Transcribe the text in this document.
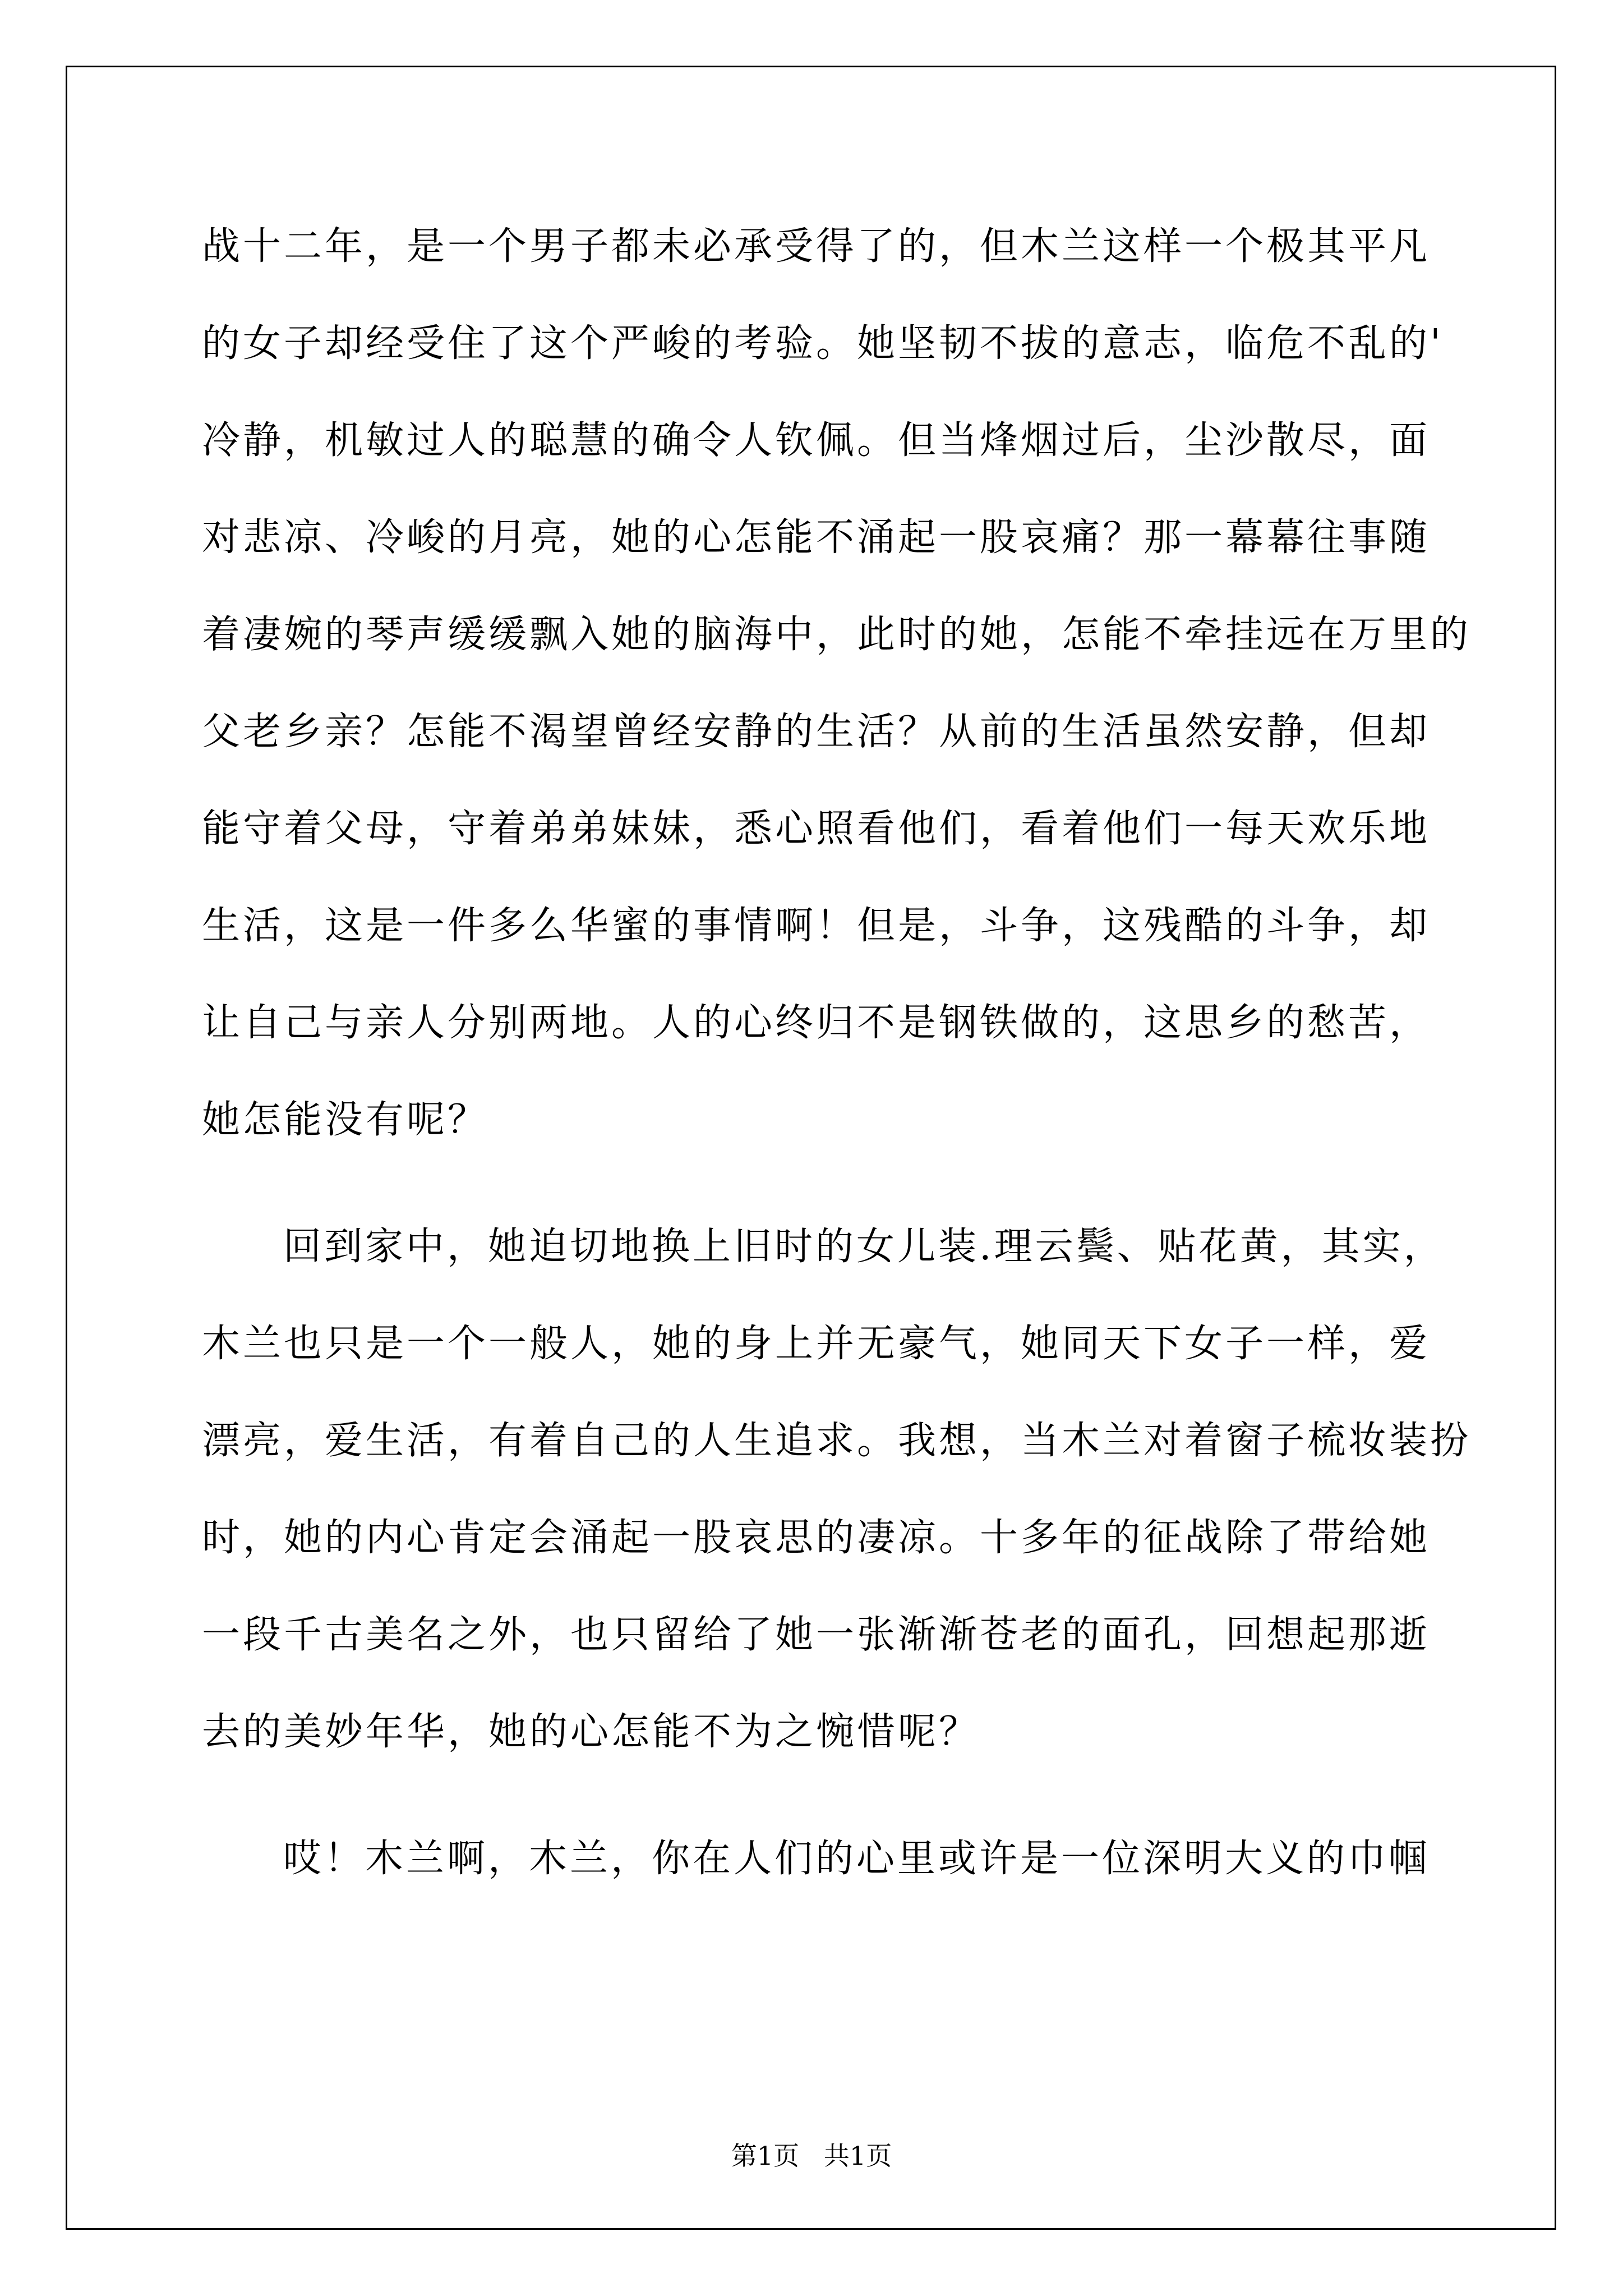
战十二年，是一个男子都未必承受得了的，但木兰这样一个极其平凡
的女子却经受住了这个严峻的考验。她坚韧不拔的意志，临危不乱的'
冷静，机敏过人的聪慧的确令人钦佩。但当烽烟过后，尘沙散尽，面
对悲凉、冷峻的月亮，她的心怎能不涌起一股哀痛？那一幕幕往事随
着凄婉的琴声缓缓飘入她的脑海中，此时的她，怎能不牵挂远在万里的
父老乡亲？怎能不渴望曾经安静的生活？从前的生活虽然安静，但却
能守着父母，守着弟弟妹妹，悉心照看他们，看着他们一每天欢乐地
生活，这是一件多么华蜜的事情啊！但是，斗争，这残酷的斗争，却
让自己与亲人分别两地。人的心终归不是钢铁做的，这思乡的愁苦，
她怎能没有呢？
回到家中，她迫切地换上旧时的女儿装.理云鬓、贴花黄，其实，
木兰也只是一个一般人，她的身上并无豪气，她同天下女子一样，爱
漂亮，爱生活，有着自己的人生追求。我想，当木兰对着窗子梳妆装扮
时，她的内心肯定会涌起一股哀思的凄凉。十多年的征战除了带给她
一段千古美名之外，也只留给了她一张渐渐苍老的面孔，回想起那逝
去的美妙年华，她的心怎能不为之惋惜呢？
哎！木兰啊，木兰，你在人们的心里或许是一位深明大义的巾帼
第1页   共1页
